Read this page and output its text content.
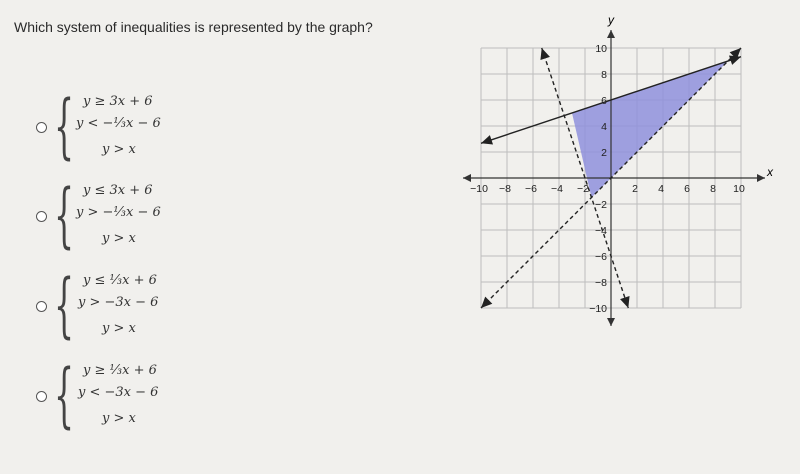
Which system of inequalities is represented by the graph?
{ y ≥ 3x + 6
y < −⅓x − 6
y > x
{ y ≤ 3x + 6
y > −⅓x − 6
y > x
{ y ≤ ⅓x + 6
y > −3x − 6
y > x
{ y ≥ ⅓x + 6
y < −3x − 6
y > x
−10 −8 −6 −4 −2	2 4 6 8 10
10
8
6
4
2
−2
−4
−6
−8
−10
x
y
